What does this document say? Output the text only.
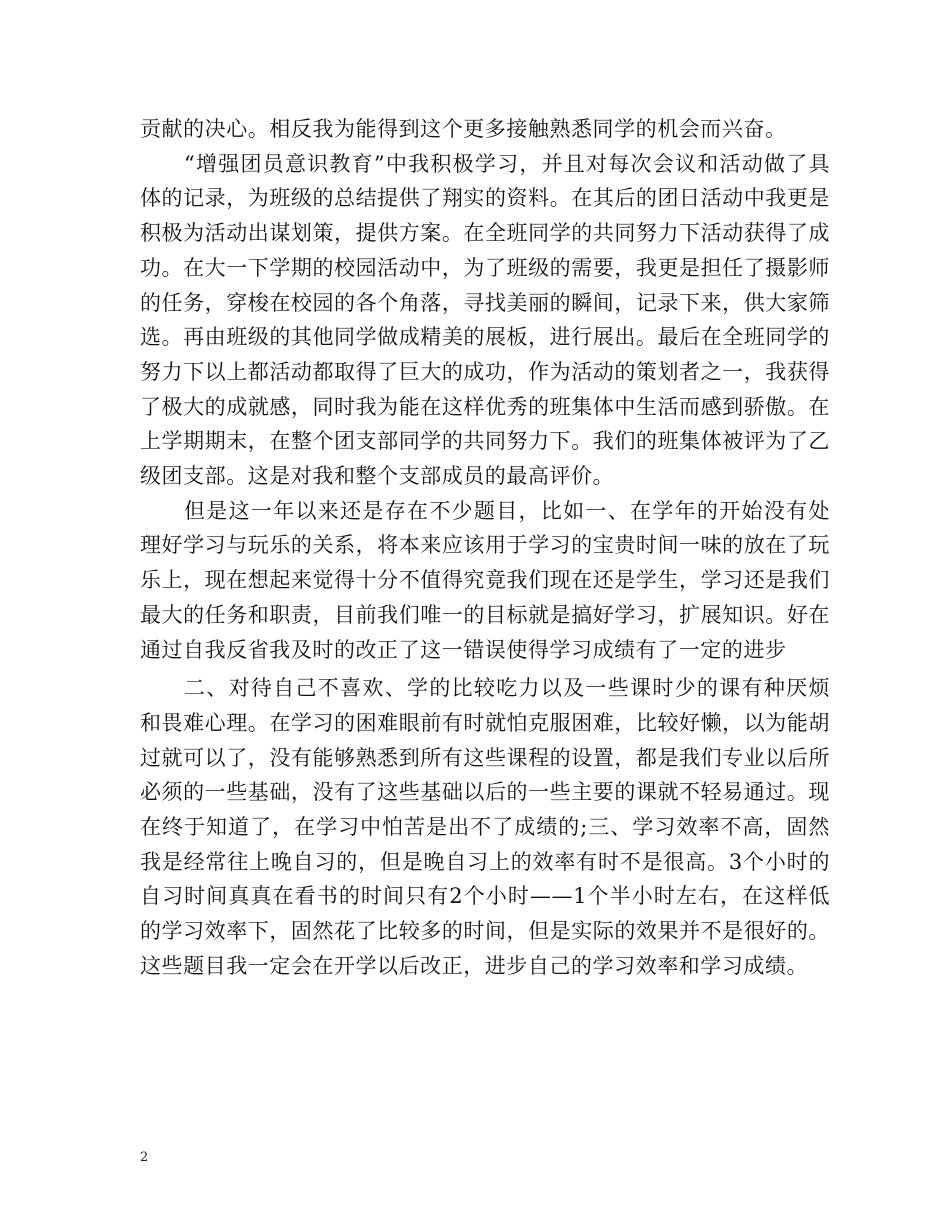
贡献的决心。相反我为能得到这个更多接触熟悉同学的机会而兴奋。

“增强团员意识教育”中我积极学习，并且对每次会议和活动做了具体的记录，为班级的总结提供了翔实的资料。在其后的团日活动中我更是积极为活动出谋划策，提供方案。在全班同学的共同努力下活动获得了成功。在大一下学期的校园活动中，为了班级的需要，我更是担任了摄影师的任务，穿梭在校园的各个角落，寻找美丽的瞬间，记录下来，供大家筛选。再由班级的其他同学做成精美的展板，进行展出。最后在全班同学的努力下以上都活动都取得了巨大的成功，作为活动的策划者之一，我获得了极大的成就感，同时我为能在这样优秀的班集体中生活而感到骄傲。在上学期期末，在整个团支部同学的共同努力下。我们的班集体被评为了乙级团支部。这是对我和整个支部成员的最高评价。

但是这一年以来还是存在不少题目，比如一、在学年的开始没有处理好学习与玩乐的关系，将本来应该用于学习的宝贵时间一味的放在了玩乐上，现在想起来觉得十分不值得究竟我们现在还是学生，学习还是我们最大的任务和职责，目前我们唯一的目标就是搞好学习，扩展知识。好在通过自我反省我及时的改正了这一错误使得学习成绩有了一定的进步

二、对待自己不喜欢、学的比较吃力以及一些课时少的课有种厌烦和畏难心理。在学习的困难眼前有时就怕克服困难，比较好懒，以为能胡过就可以了，没有能够熟悉到所有这些课程的设置，都是我们专业以后所必须的一些基础，没有了这些基础以后的一些主要的课就不轻易通过。现在终于知道了，在学习中怕苦是出不了成绩的;三、学习效率不高，固然我是经常往上晚自习的，但是晚自习上的效率有时不是很高。3个小时的自习时间真真在看书的时间只有2个小时——1个半小时左右，在这样低的学习效率下，固然花了比较多的时间，但是实际的效果并不是很好的。这些题目我一定会在开学以后改正，进步自己的学习效率和学习成绩。

2
